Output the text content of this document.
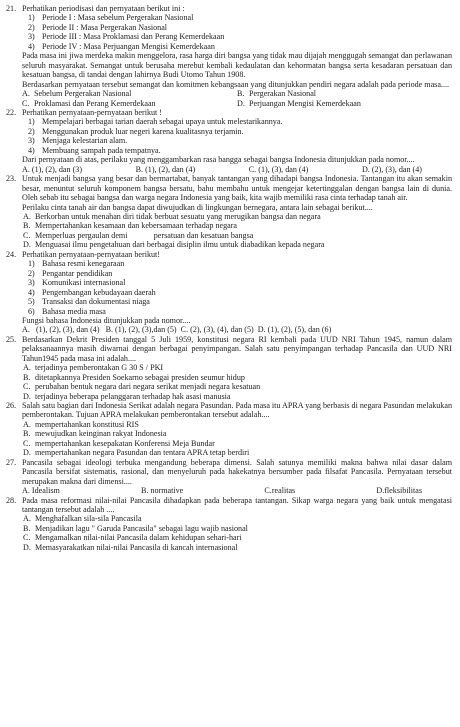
21. Perhatikan periodisasi dan pernyataan berikut ini :
1) Periode I : Masa sebelum Pergerakan Nasional
2) Periode II : Masa Pergerakan Nasional
3) Periode III : Masa Proklamasi dan Perang Kemerdekaan
4) Periode IV : Masa Perjuangan Mengisi Kemerdekaan
Pada masa ini jiwa merdeka makin menggelora, rasa harga diri bangsa yang tidak mau dijajah menggugah semangat dan perlawanan seluruh masyarakat. Semangat untuk berusaha merebut kembali kedaulatan dan kehormatan bangsa serta kesadaran persatuan dan kesatuan bangsa, di tandai dengan lahirnya Budi Utomo Tahun 1908.
Berdasarkan pernyataan tersebut semangat dan komitmen kebangsaan yang ditunjukkan pendiri negara adalah pada periode masa....
A. Sebelum Pergerakan Nasional	B. Pergerakan Nasional
C. Proklamasi dan Perang Kemerdekaan	D. Perjuangan Mengisi Kemerdekaan
22. Perhatikan pernyataan-pernyataan berikut !
1) Mempelajari berbagai tarian daerah sebagai upaya untuk melestarikannya.
2) Menggunakan produk luar negeri karena kualitasnya terjamin.
3) Menjaga kelestarian alam.
4) Membuang sampah pada tempatnya.
Dari pernyataan di atas, perilaku yang menggambarkan rasa bangga sebagai bangsa Indonesia ditunjukkan pada nomor....
A. (1), (2), dan (3)	B. (1), (2), dan (4)	C. (1), (3), dan (4)	D. (2), (3), dan (4)
23. Untuk menjadi bangsa yang besar dan bermartabat, banyak tantangan yang dihadapi bangsa Indonesia. Tantangan itu akan semakin besar, menuntut seluruh komponem bangsa bersatu, bahu membahu untuk mengejar ketertinggalan dengan bangsa lain di dunia. Oleh sebab itu sebagai bangsa dan warga negara Indonesia yang baik, kita wajib memiliki rasa cinta terhadap tanah air.
Perilaku cinta tanah air dan bangsa dapat diwujudkan di lingkungan bernegara, antara lain sebagai berikut....
A. Berkorban untuk menahan diri tidak berbuat sesuatu yang merugikan bangsa dan negara
B. Mempertahankan kesamaan dan kebersamaan terhadap negara
C. Memperluas pergaulan demi             persatuan dan kesatuan bangsa
D. Menguasai ilmu pengetahuan dari berbagai disiplin ilmu untuk diabadikan kepada negara
24. Perhatikan pernyataan-pernyataan berikut!
1) Bahasa resmi kenegaraan
2) Pengantar pendidikan
3) Komunikasi internasional
4) Pengembangan kebudayaan daerah
5) Transaksi dan dokumentasi niaga
6) Bahasa media masa
Fungsi bahasa Indonesia ditunjukkan pada nomor....
A.   (1), (2), (3), dan (4)   B. (1), (2), (3),dan (5)  C. (2), (3), (4), dan (5)  D. (1), (2), (5), dan (6)
25. Berdasarkan Dekrit Presiden tanggal 5 Juli 1959, konstitusi negara RI kembali pada UUD NRI Tahun 1945, namun dalam pelaksanaannya masih diwarnai dengan berbagai penyimpangan. Salah satu penyimpangan terhadap Pancasila dan UUD NRI Tahun1945 pada masa ini adalah....
A. terjadinya pemberontakan G 30 S / PKI
B. ditetapkannya Presiden Soekarno sebagai presiden seumur hidup
C. perubahan bentuk negara dari negara serikat menjadi negara kesatuan
D. terjadinya beberapa pelanggaran terhadap hak asasi manusia
26. Salah satu bagian dari Indonesia Serikat adalah negara Pasundan. Pada masa itu APRA yang berbasis di negara Pasundan melakukan pemberontakan. Tujuan APRA melakukan pemberontakan tersebut adalah....
A. mempertahankan konstitusi RIS
B. mewujudkan keinginan rakyat Indonesia
C. mempertahankan kesepakatan Konferensi Meja Bundar
D. mempertahankan negara Pasundan dan tentara APRA tetap berdiri
27. Pancasila sebagai ideologi terbuka mengandung beberapa dimensi. Salah satunya memiliki makna bahwa nilai dasar dalam Pancasila bersifat sistematis, rasional, dan menyeluruh pada hakekatnya bersumber pada filsafat Pancasila. Pernyataan tersebut merupakan makna dari dimensi....
A. Idealism	B. normative	C.realitas	D.fleksibilitas
28. Pada masa reformasi nilai-nilai Pancasila dihadapkan pada beberapa tantangan. Sikap warga negara yang baik untuk mengatasi tantangan tersebut adalah ....
A. Menghafalkan sila-sila Pancasila
B. Menjadikan lagu " Garuda Pancasila" sebagai lagu wajib nasional
C. Mengamalkan nilai-nilai Pancasila dalam kehidupan sehari-hari
D. Memasyarakatkan nilai-nilai Pancasila di kancah internasional
